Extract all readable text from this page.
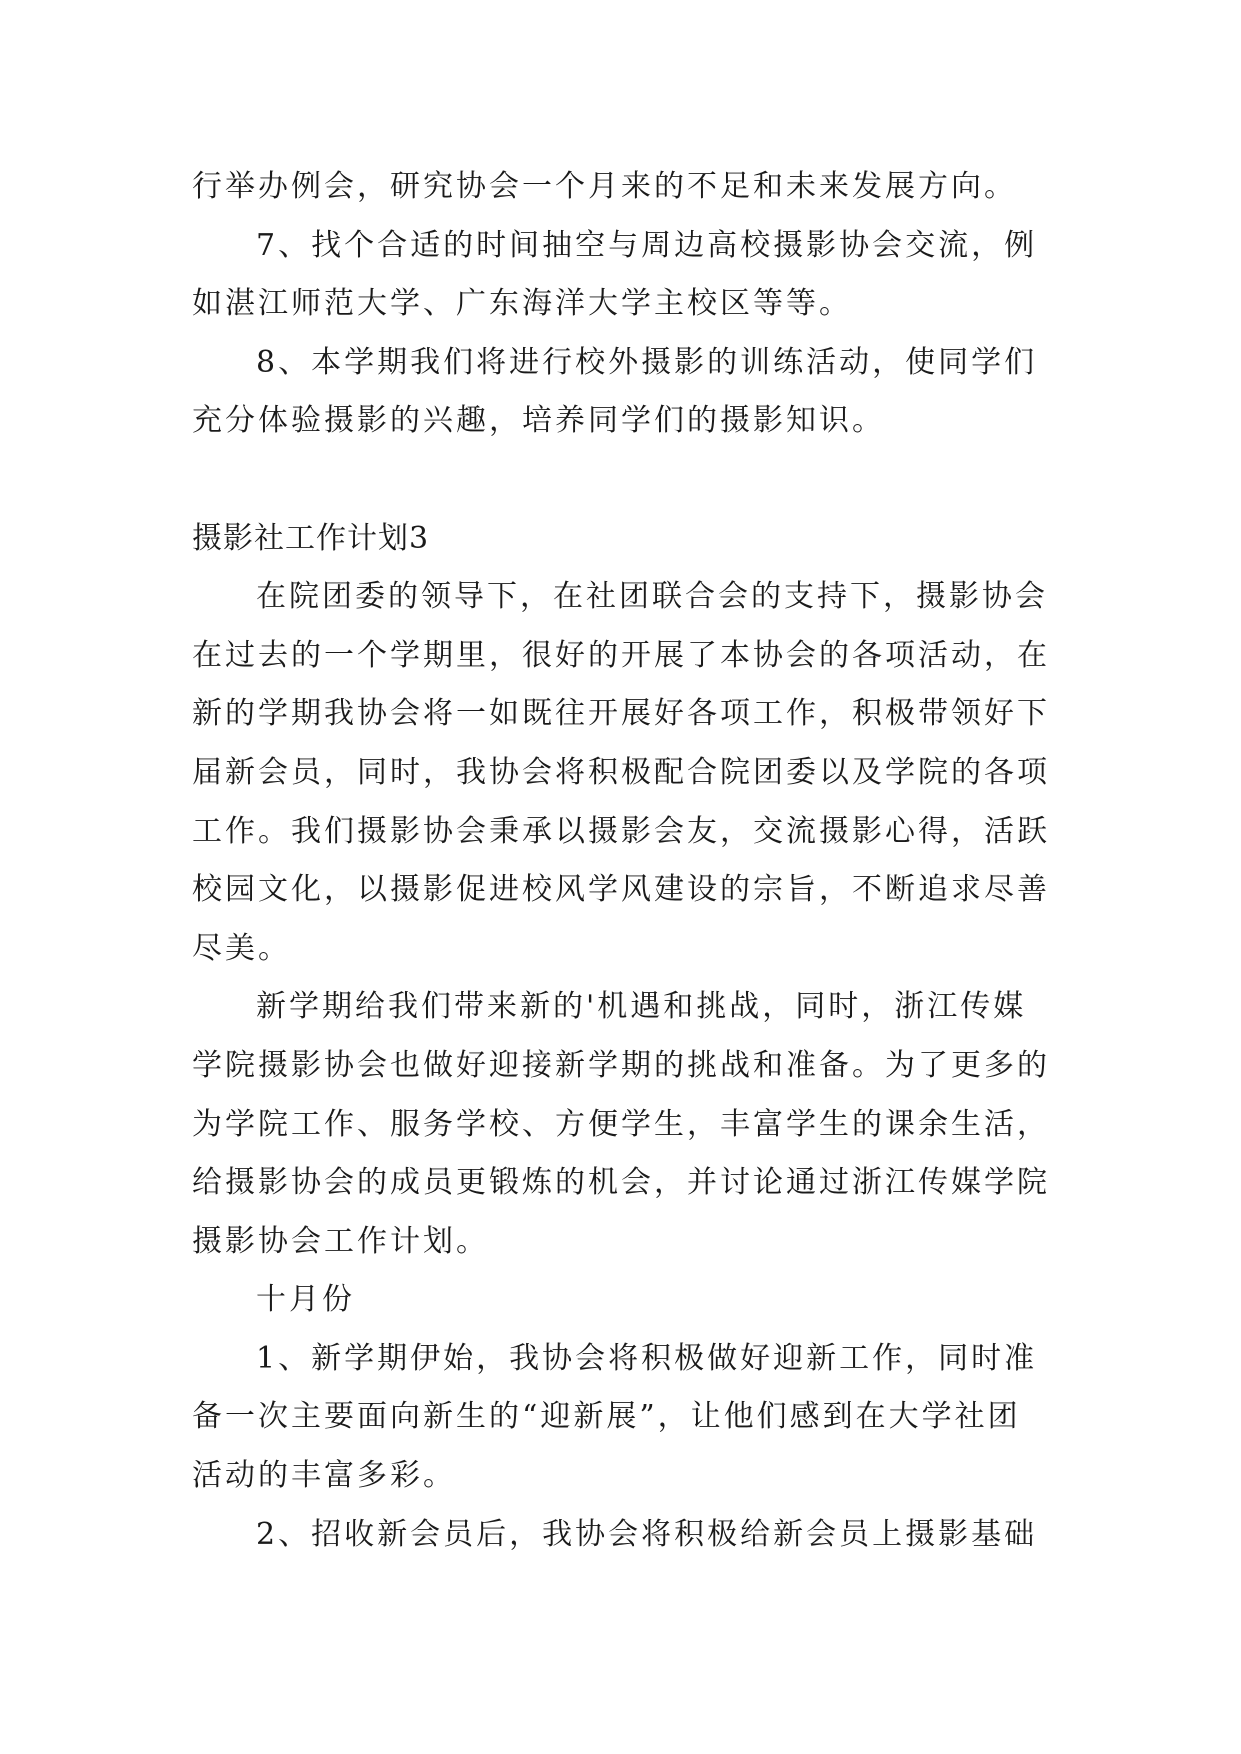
行举办例会，研究协会一个月来的不足和未来发展方向。
7、找个合适的时间抽空与周边高校摄影协会交流，例
如湛江师范大学、广东海洋大学主校区等等。
8、本学期我们将进行校外摄影的训练活动，使同学们
充分体验摄影的兴趣，培养同学们的摄影知识。
摄影社工作计划3
在院团委的领导下，在社团联合会的支持下，摄影协会
在过去的一个学期里，很好的开展了本协会的各项活动，在
新的学期我协会将一如既往开展好各项工作，积极带领好下
届新会员，同时，我协会将积极配合院团委以及学院的各项
工作。我们摄影协会秉承以摄影会友，交流摄影心得，活跃
校园文化，以摄影促进校风学风建设的宗旨，不断追求尽善
尽美。
新学期给我们带来新的'机遇和挑战，同时，浙江传媒
学院摄影协会也做好迎接新学期的挑战和准备。为了更多的
为学院工作、服务学校、方便学生，丰富学生的课余生活，
给摄影协会的成员更锻炼的机会，并讨论通过浙江传媒学院
摄影协会工作计划。
十月份
1、新学期伊始，我协会将积极做好迎新工作，同时准
备一次主要面向新生的“迎新展”，让他们感到在大学社团
活动的丰富多彩。
2、招收新会员后，我协会将积极给新会员上摄影基础
